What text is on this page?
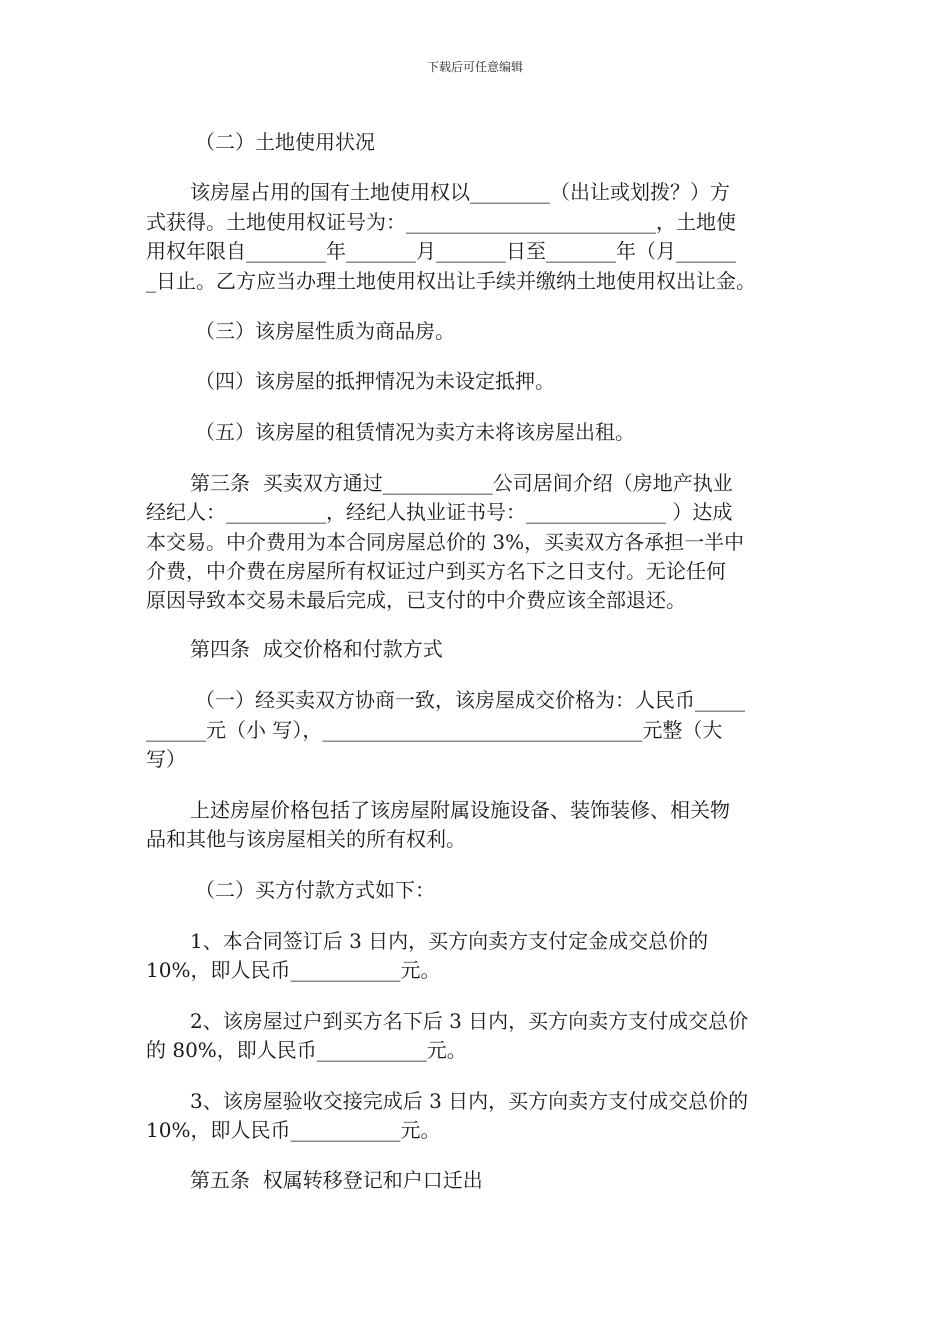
下载后可任意编辑
（二）土地使用状况
该房屋占用的国有土地使用权以________（出让或划拨？）方
式获得。土地使用权证号为：_________________________，土地使
用权年限自________年_______月_______日至_______年（月______
_日止。乙方应当办理土地使用权出让手续并缴纳土地使用权出让金。
（三）该房屋性质为商品房。
（四）该房屋的抵押情况为未设定抵押。
（五）该房屋的租赁情况为卖方未将该房屋出租。
第三条  买卖双方通过___________公司居间介绍（房地产执业
经纪人：__________，经纪人执业证书号：______________ ）达成
本交易。中介费用为本合同房屋总价的 3%，买卖双方各承担一半中
介费，中介费在房屋所有权证过户到买方名下之日支付。无论任何
原因导致本交易未最后完成，已支付的中介费应该全部退还。
第四条  成交价格和付款方式
（一）经买卖双方协商一致，该房屋成交价格为：人民币_____
______元（小 写），________________________________元整（大
写）
上述房屋价格包括了该房屋附属设施设备、装饰装修、相关物
品和其他与该房屋相关的所有权利。
（二）买方付款方式如下：
1、本合同签订后 3 日内，买方向卖方支付定金成交总价的
10%，即人民币___________元。
2、该房屋过户到买方名下后 3 日内，买方向卖方支付成交总价
的 80%，即人民币___________元。
3、该房屋验收交接完成后 3 日内，买方向卖方支付成交总价的
10%，即人民币___________元。
第五条  权属转移登记和户口迁出
